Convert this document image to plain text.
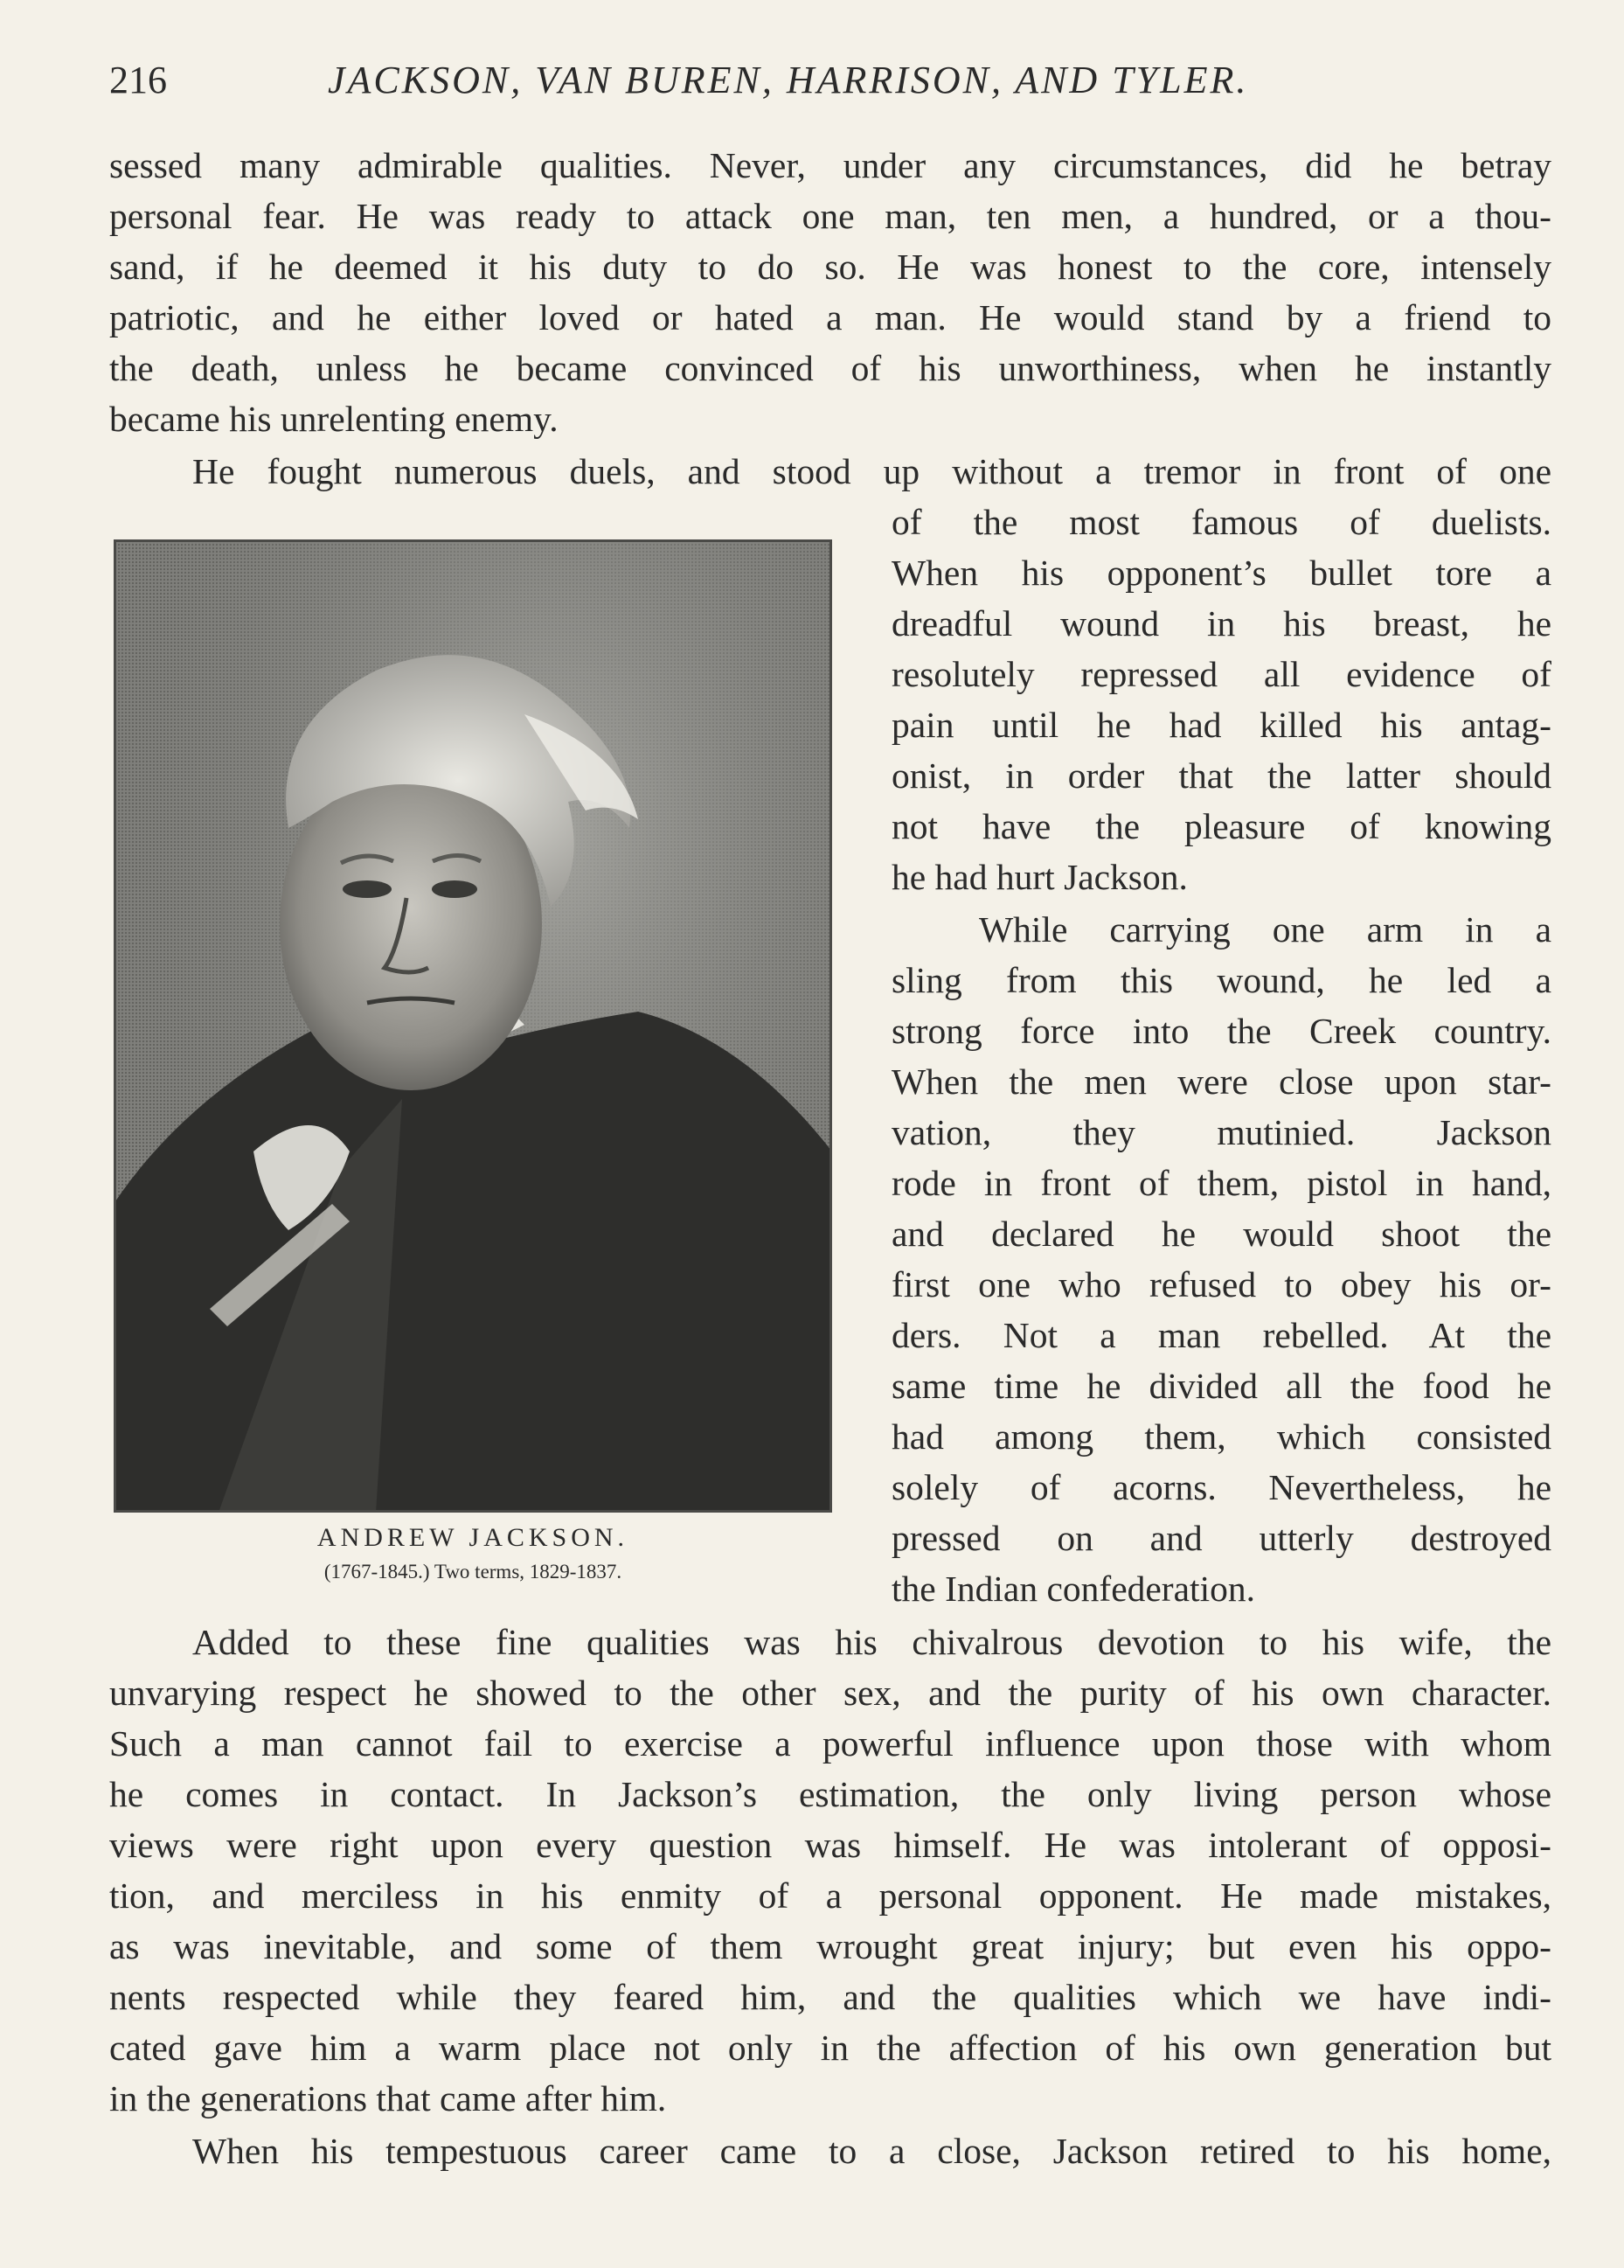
216	JACKSON, VAN BUREN, HARRISON, AND TYLER.
sessed many admirable qualities. Never, under any circumstances, did he betray
personal fear. He was ready to attack one man, ten men, a hundred, or a thou-
sand, if he deemed it his duty to do so. He was honest to the core, intensely
patriotic, and he either loved or hated a man. He would stand by a friend to
the death, unless he became convinced of his unworthiness, when he instantly
became his unrelenting enemy.
He fought numerous duels, and stood up without a tremor in front of one
of the most famous of duelists.
When his opponent’s bullet tore a
dreadful wound in his breast, he
resolutely repressed all evidence of
pain until he had killed his antag-
onist, in order that the latter should
not have the pleasure of knowing
he had hurt Jackson.
While carrying one arm in a
sling from this wound, he led a
strong force into the Creek country.
When the men were close upon star-
vation, they mutinied. Jackson
rode in front of them, pistol in hand,
and declared he would shoot the
first one who refused to obey his or-
ders. Not a man rebelled. At the
same time he divided all the food he
had among them, which consisted
solely of acorns. Nevertheless, he
pressed on and utterly destroyed
the Indian confederation.
ANDREW JACKSON.
(1767-1845.) Two terms, 1829-1837.
Added to these fine qualities was his chivalrous devotion to his wife, the
unvarying respect he showed to the other sex, and the purity of his own character.
Such a man cannot fail to exercise a powerful influence upon those with whom
he comes in contact. In Jackson’s estimation, the only living person whose
views were right upon every question was himself. He was intolerant of opposi-
tion, and merciless in his enmity of a personal opponent. He made mistakes,
as was inevitable, and some of them wrought great injury; but even his oppo-
nents respected while they feared him, and the qualities which we have indi-
cated gave him a warm place not only in the affection of his own generation but
in the generations that came after him.
When his tempestuous career came to a close, Jackson retired to his home,
